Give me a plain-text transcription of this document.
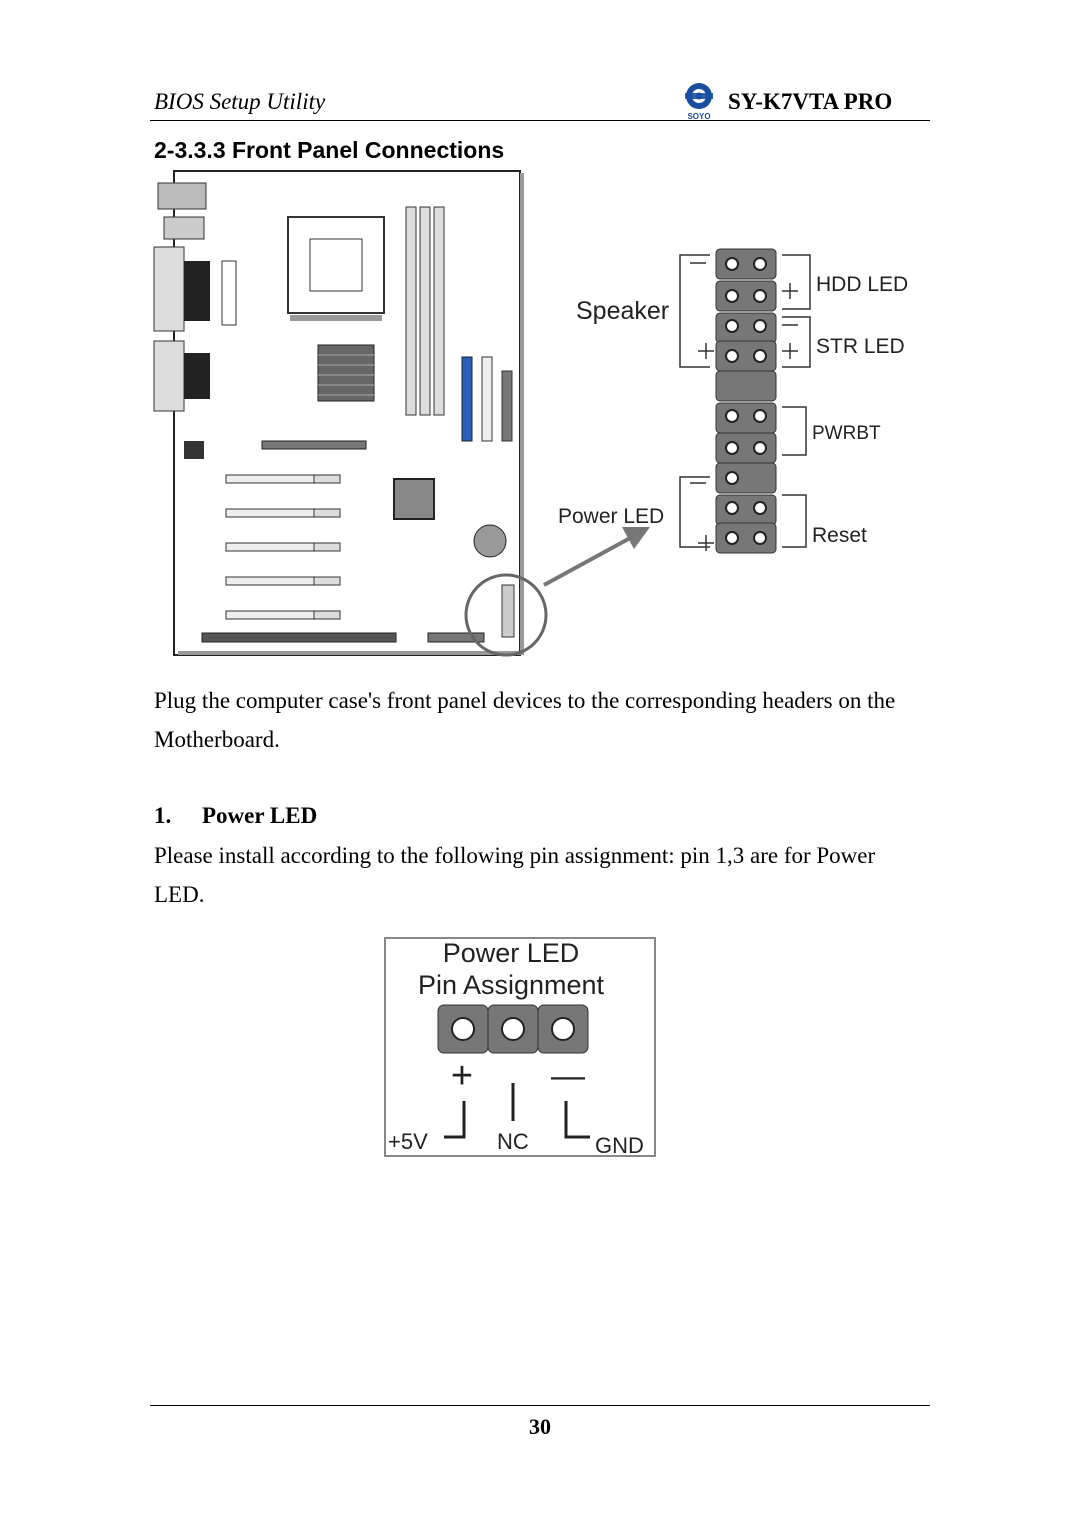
BIOS Setup Utility
SOYO
SY-K7VTA PRO
2-3.3.3 Front Panel Connections
Speaker
HDD LED
STR LED
PWRBT
Power LED
Reset

Plug the computer case's front panel devices to the corresponding headers on the Motherboard.

1. Power LED

Please install according to the following pin assignment: pin 1,3 are for Power LED.

Power LED
Pin Assignment
+ —
+5V	NC	GND
30
